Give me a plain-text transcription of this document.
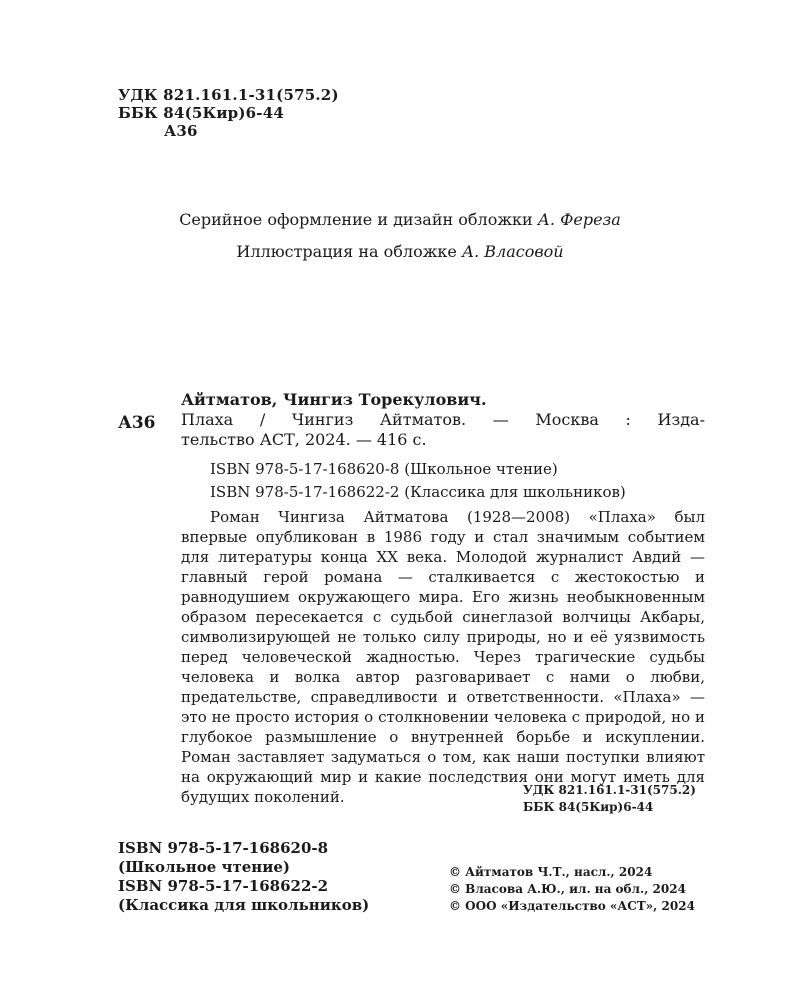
УДК 821.161.1-31(575.2)
ББК 84(5Кир)6-44
А36
Серийное оформление и дизайн обложки А. Фереза
Иллюстрация на обложке А. Власовой
Айтматов, Чингиз Торекулович.
А36 Плаха / Чингиз Айтматов. — Москва : Изда-
тельство АСТ, 2024. — 416 с.
ISBN 978-5-17-168620-8 (Школьное чтение)
ISBN 978-5-17-168622-2 (Классика для школьников)
Роман Чингиза Айтматова (1928—2008) «Плаха» был впервые опубликован в 1986 году и стал значимым событием для литературы конца XX века. Молодой журналист Авдий — главный герой романа — сталкивается с жестокостью и равнодушием окружающего мира. Его жизнь необыкновенным образом пересекается с судьбой синеглазой волчицы Акбары, символизирующей не только силу природы, но и её уязвимость перед человеческой жадностью. Через трагические судьбы человека и волка автор разговаривает с нами о любви, предательстве, справедливости и ответственности. «Плаха» — это не просто история о столкновении человека с природой, но и глубокое размышление о внутренней борьбе и искуплении. Роман заставляет задуматься о том, как наши поступки влияют на окружающий мир и какие последствия они могут иметь для будущих поколений.	УДК 821.161.1-31(575.2)
ББК 84(5Кир)6-44
ISBN 978-5-17-168620-8
(Школьное чтение)
ISBN 978-5-17-168622-2
(Классика для школьников)
© Айтматов Ч.Т., насл., 2024
© Власова А.Ю., ил. на обл., 2024
© ООО «Издательство «АСТ», 2024
